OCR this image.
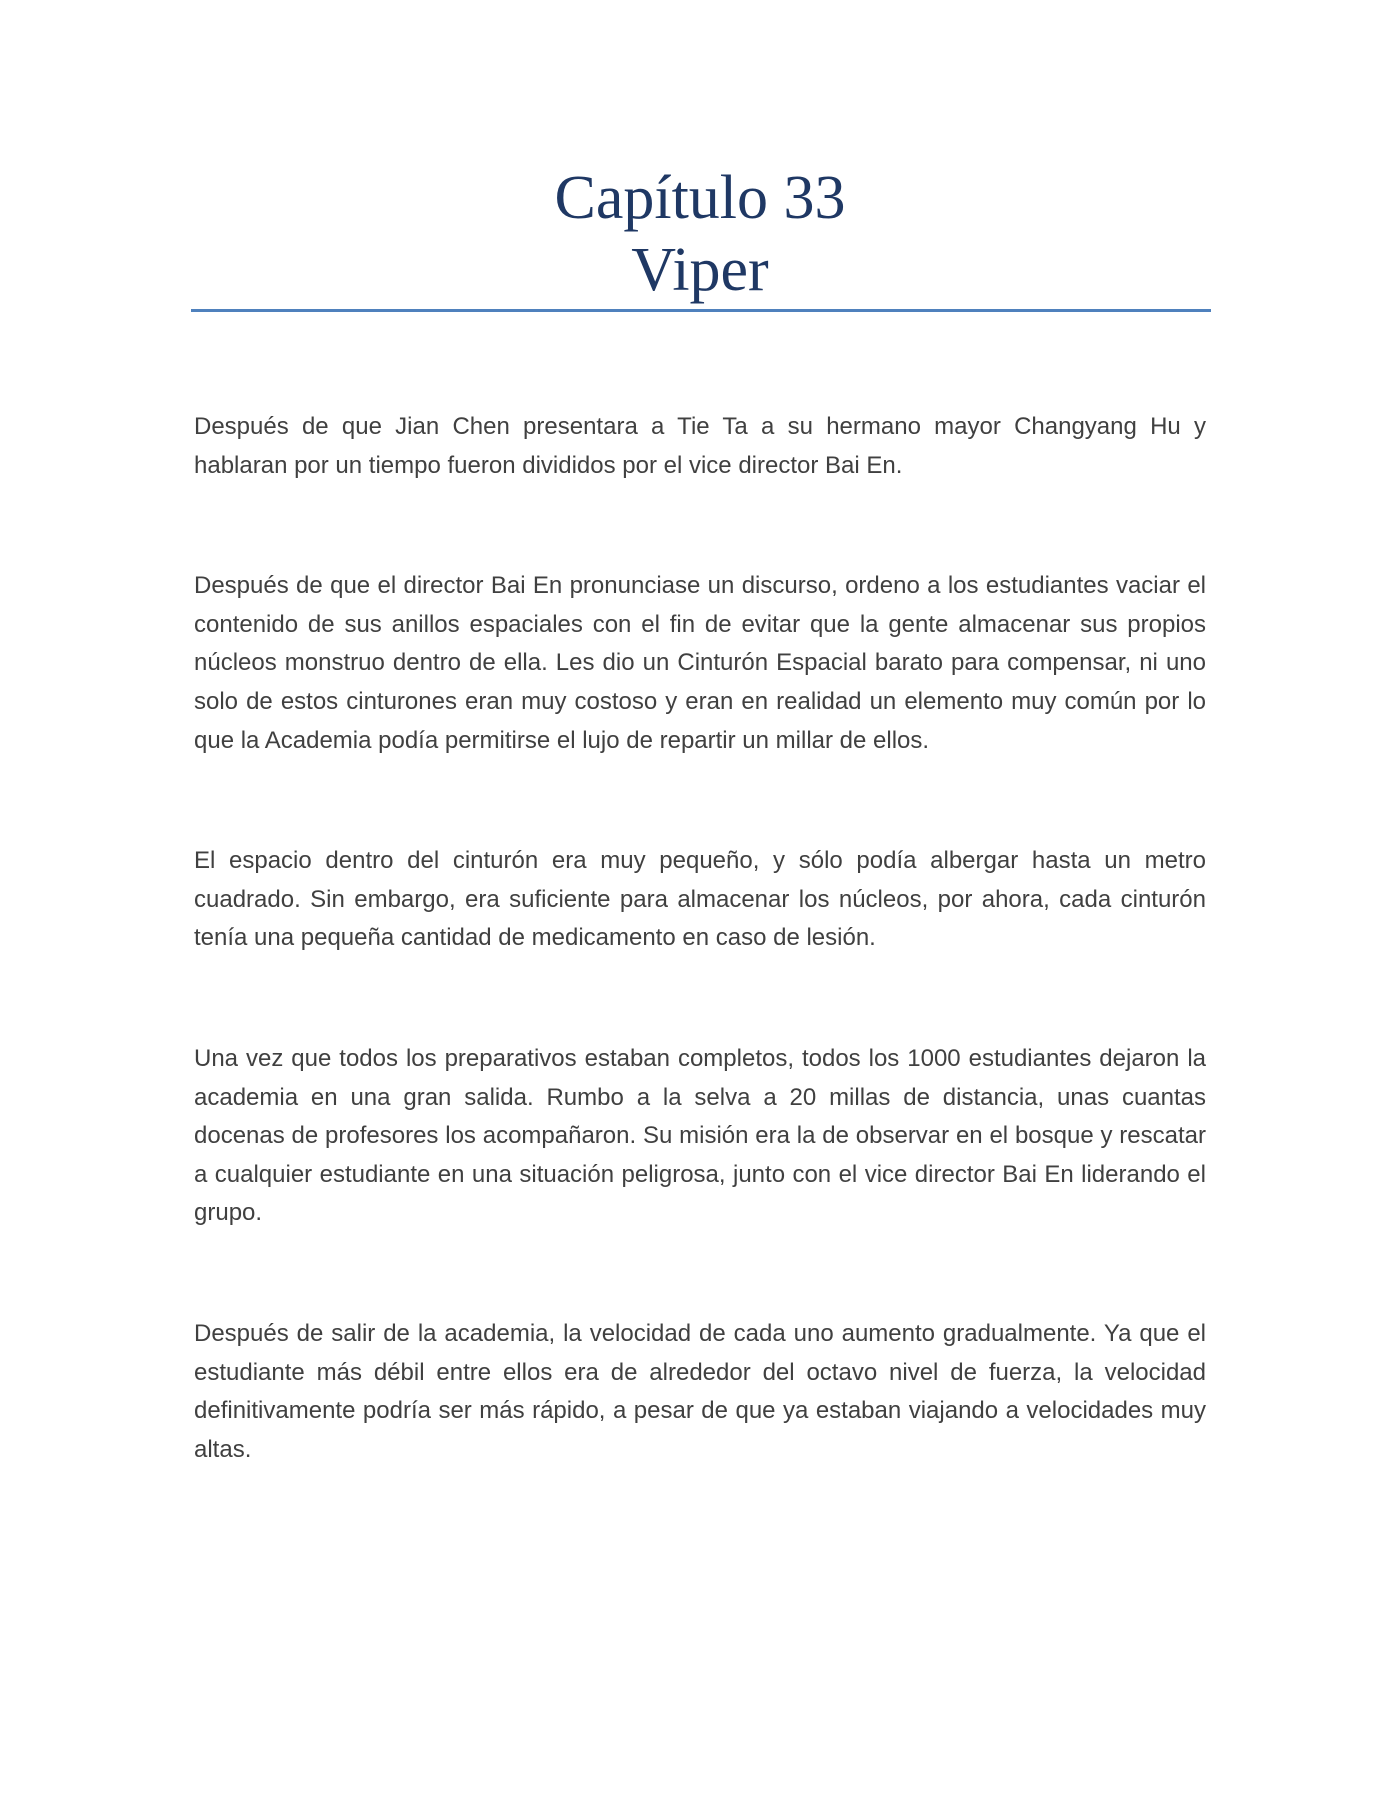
Capítulo 33
Viper

Después de que Jian Chen presentara a Tie Ta a su hermano mayor Changyang Hu y hablaran por un tiempo fueron divididos por el vice director Bai En.

Después de que el director Bai En pronunciase un discurso, ordeno a los estudiantes vaciar el contenido de sus anillos espaciales con el fin de evitar que la gente almacenar sus propios núcleos monstruo dentro de ella. Les dio un Cinturón Espacial barato para compensar, ni uno solo de estos cinturones eran muy costoso y eran en realidad un elemento muy común por lo que la Academia podía permitirse el lujo de repartir un millar de ellos.

El espacio dentro del cinturón era muy pequeño, y sólo podía albergar hasta un metro cuadrado. Sin embargo, era suficiente para almacenar los núcleos, por ahora, cada cinturón tenía una pequeña cantidad de medicamento en caso de lesión.

Una vez que todos los preparativos estaban completos, todos los 1000 estudiantes dejaron la academia en una gran salida. Rumbo a la selva a 20 millas de distancia, unas cuantas docenas de profesores los acompañaron. Su misión era la de observar en el bosque y rescatar a cualquier estudiante en una situación peligrosa, junto con el vice director Bai En liderando el grupo.

Después de salir de la academia, la velocidad de cada uno aumento gradualmente. Ya que el estudiante más débil entre ellos era de alrededor del octavo nivel de fuerza, la velocidad definitivamente podría ser más rápido, a pesar de que ya estaban viajando a velocidades muy altas.
